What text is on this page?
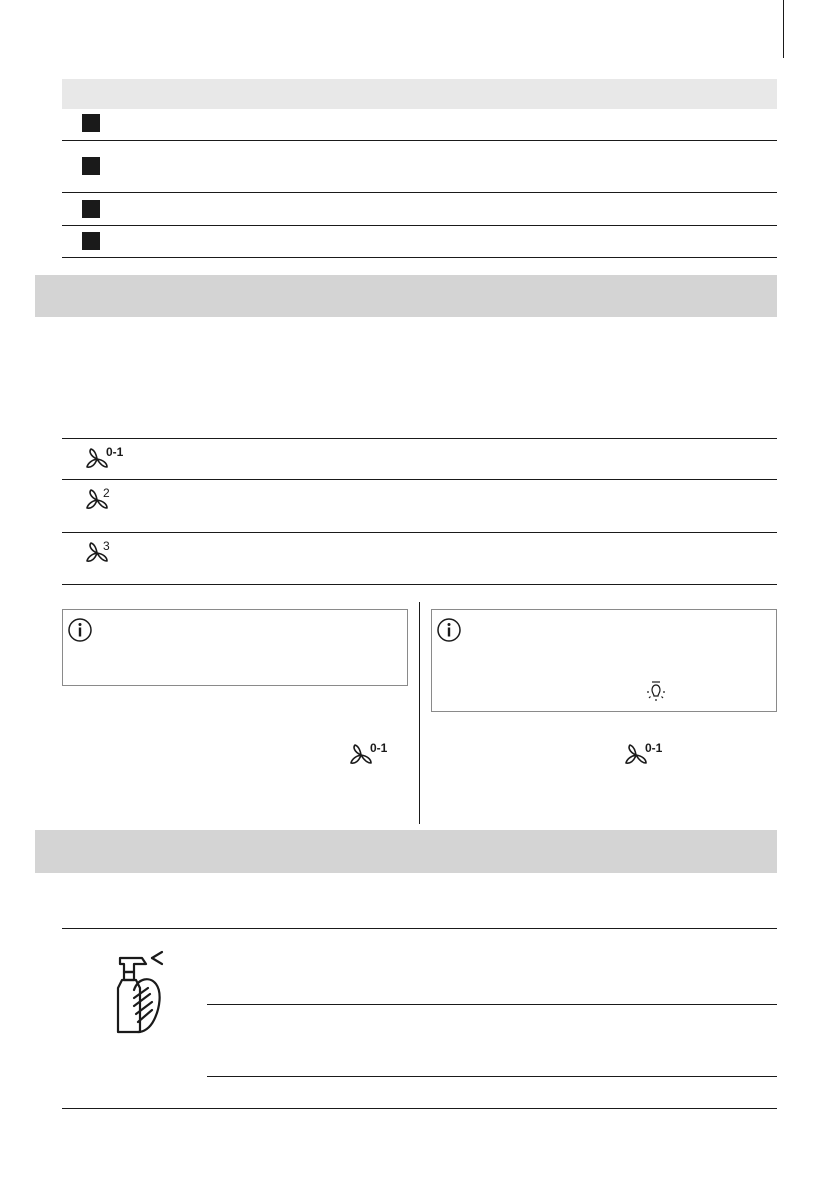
0-1
2
3
0-1	0-1
